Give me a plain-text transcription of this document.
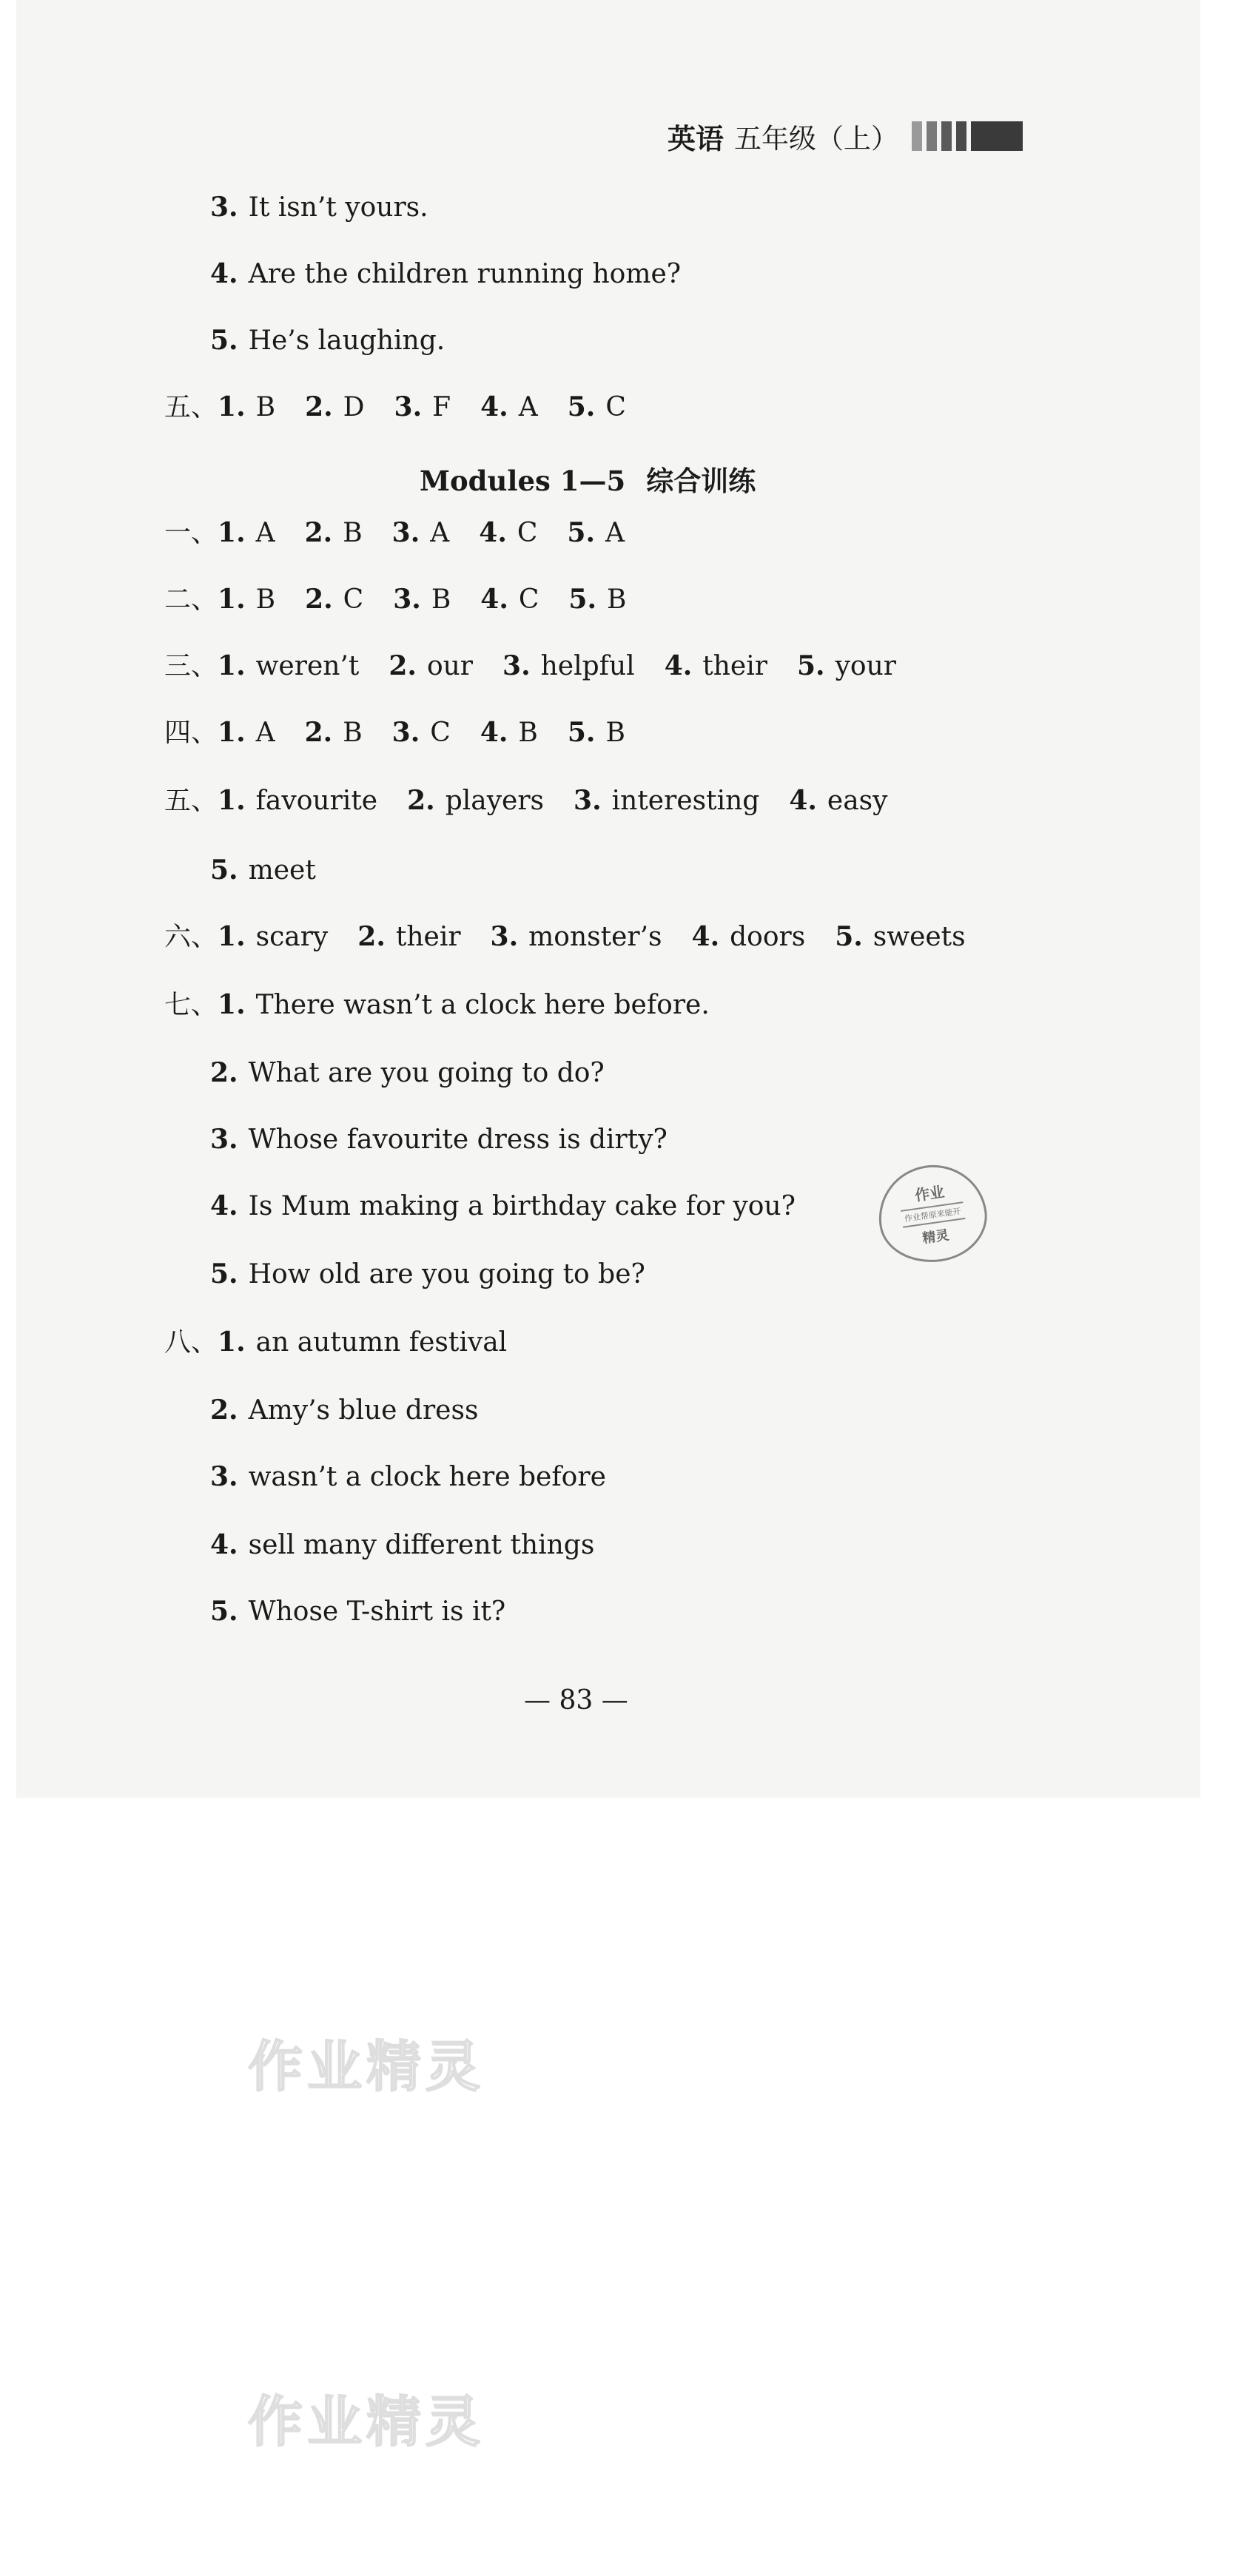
英语 五年级（上）
3. It isn’t yours.
4. Are the children running home?
5. He’s laughing.
五、 1. B 2. D 3. F 4. A 5. C
Modules 1—5 综合训练
一、 1. A 2. B 3. A 4. C 5. A
二、 1. B 2. C 3. B 4. C 5. B
三、 1. weren’t 2. our 3. helpful 4. their 5. your
四、 1. A 2. B 3. C 4. B 5. B
五、 1. favourite 2. players 3. interesting 4. easy
5. meet
六、 1. scary 2. their 3. monster’s 4. doors 5. sweets
七、 1. There wasn’t a clock here before.
2. What are you going to do?
3. Whose favourite dress is dirty?
4. Is Mum making a birthday cake for you?
5. How old are you going to be?
作业
作业帮原来能开
精灵
八、 1. an autumn festival
2. Amy’s blue dress
3. wasn’t a clock here before
4. sell many different things
5. Whose T-shirt is it?
— 83 —
作业精灵
作业精灵
